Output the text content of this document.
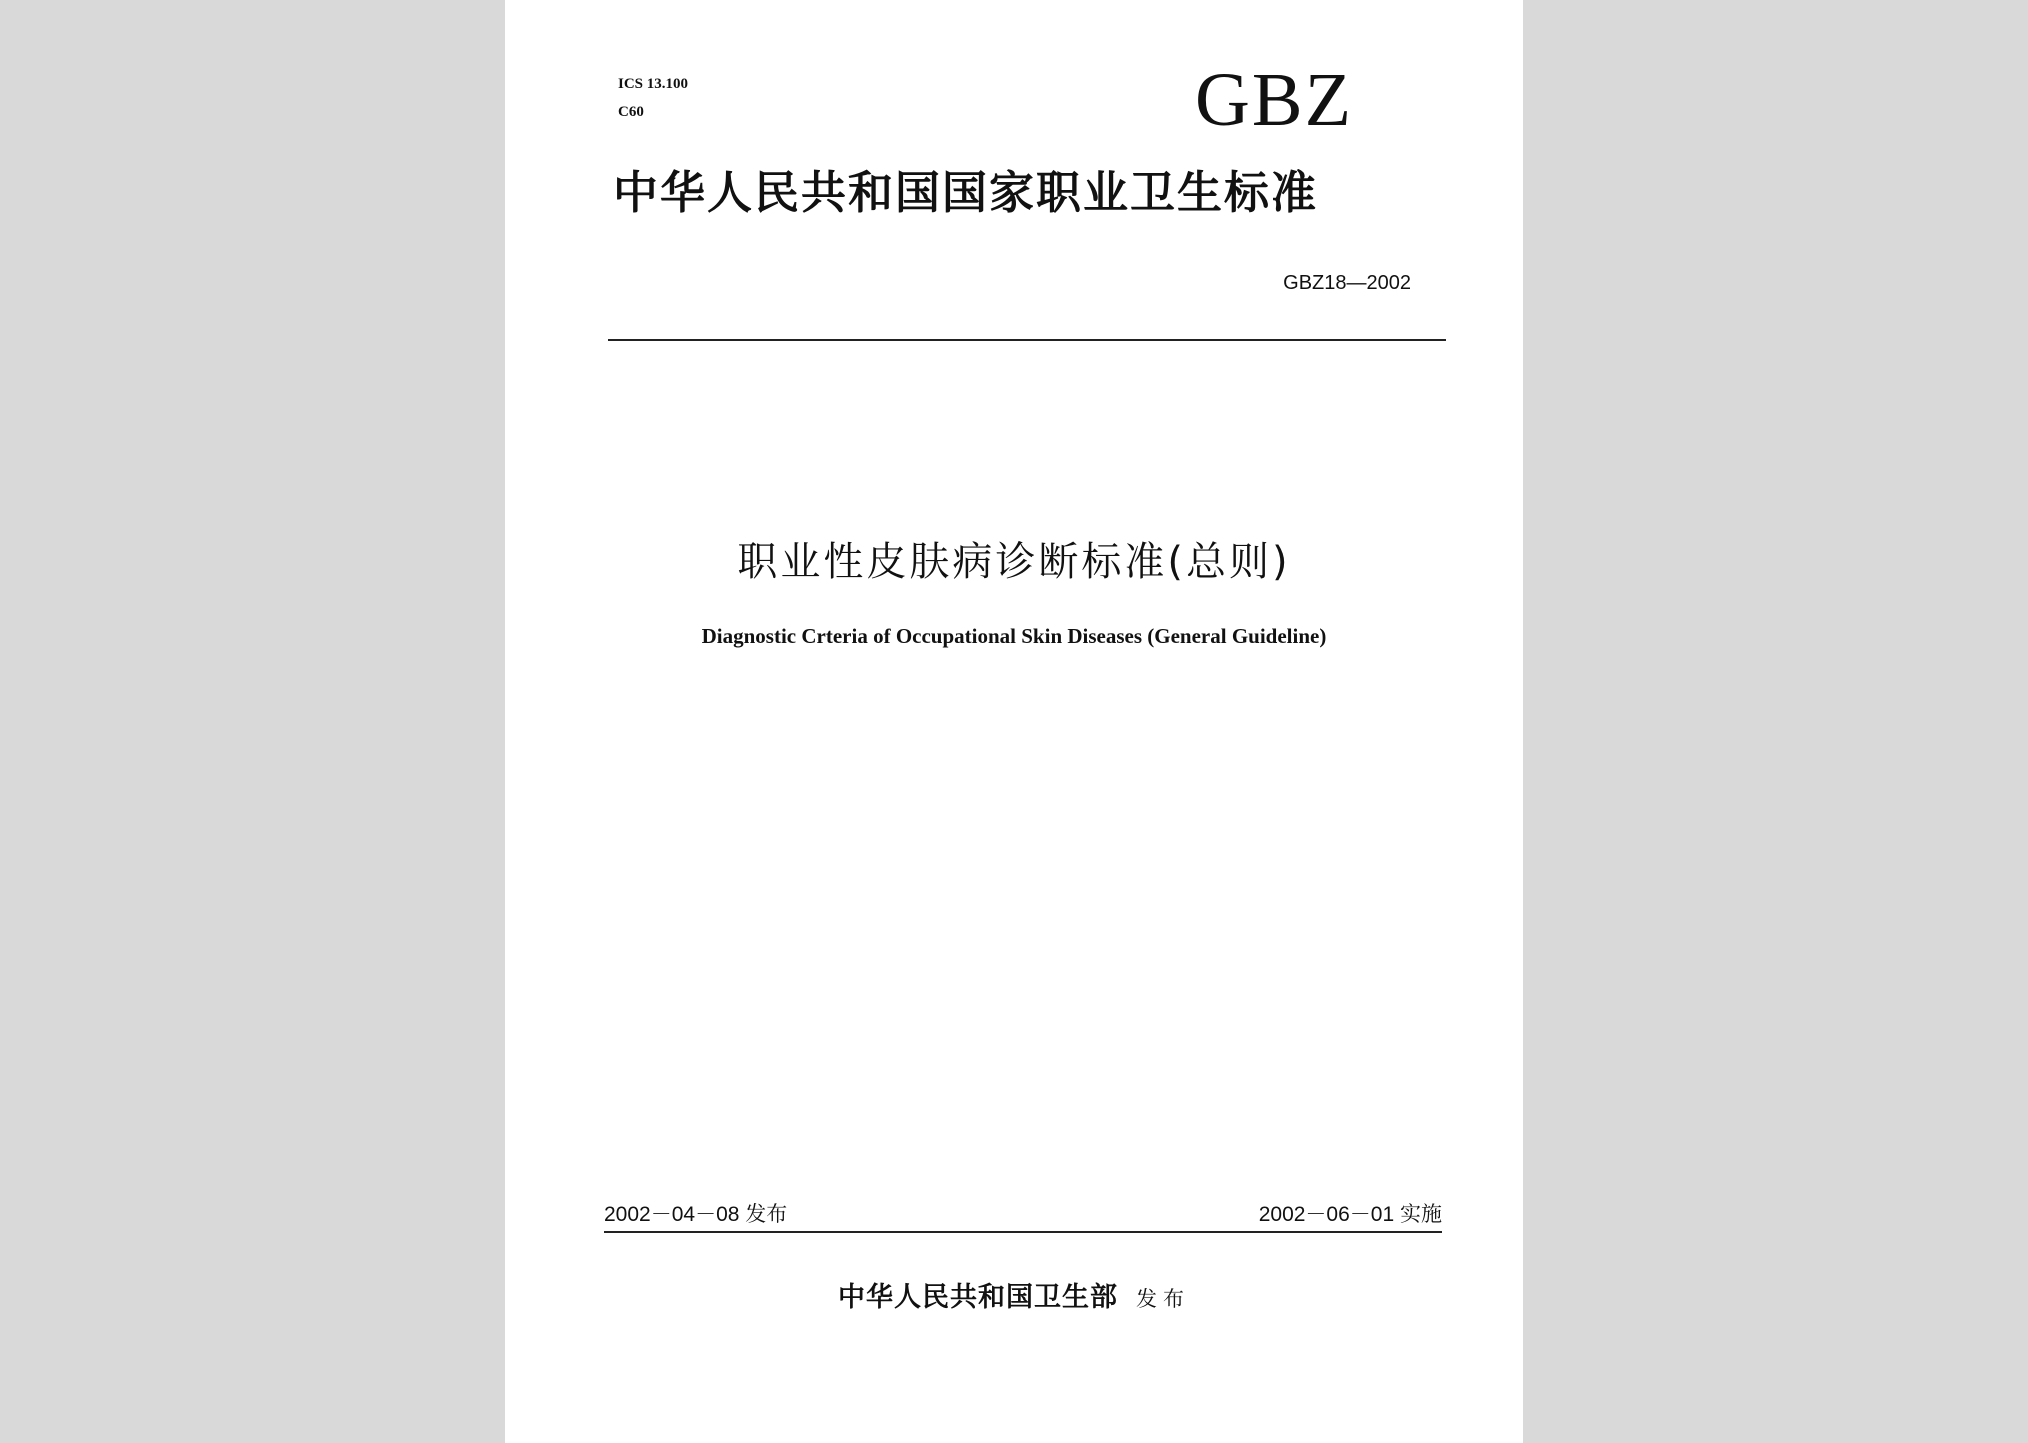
ICS 13.100
C60	GBZ
中华人民共和国国家职业卫生标准
GBZ18—2002
职业性皮肤病诊断标准(总则)
Diagnostic Crteria of Occupational Skin Diseases (General Guideline)
2002－04－08 发布	2002－06－01 实施
中华人民共和国卫生部 发布
